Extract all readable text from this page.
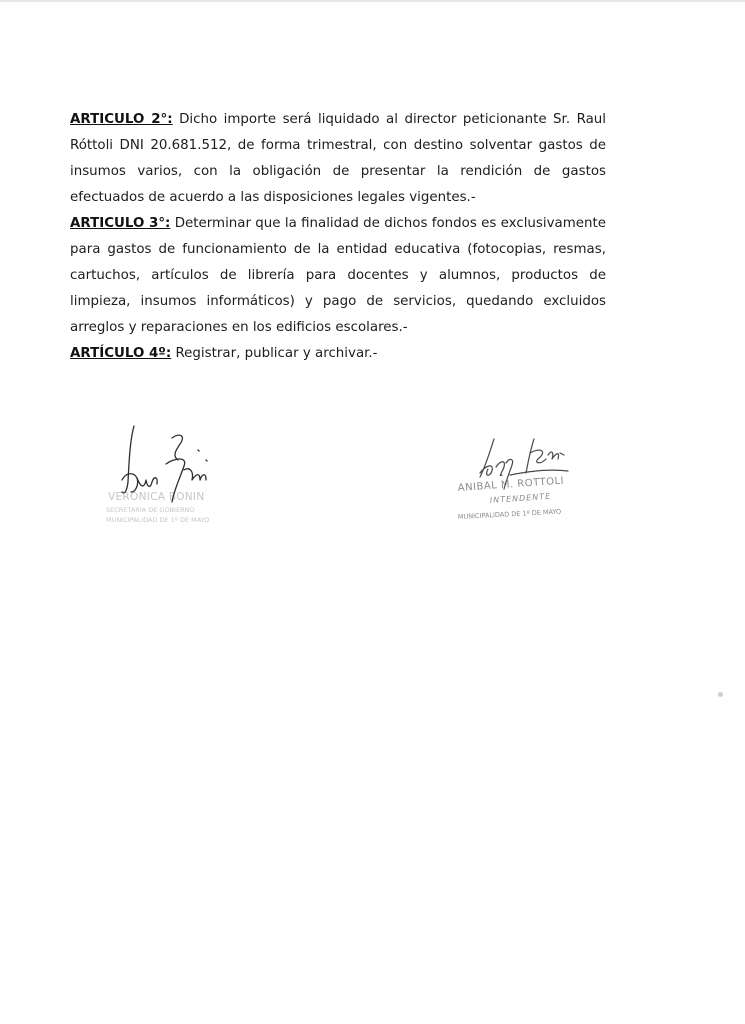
ARTICULO 2°: Dicho importe será liquidado al director peticionante Sr. Raul Róttoli DNI 20.681.512, de forma trimestral, con destino solventar gastos de insumos varios, con la obligación de presentar la rendición de gastos efectuados de acuerdo a las disposiciones legales vigentes.-

ARTICULO 3°: Determinar que la finalidad de dichos fondos es exclusivamente para gastos de funcionamiento de la entidad educativa (fotocopias, resmas, cartuchos, artículos de librería para docentes y alumnos, productos de limpieza, insumos informáticos) y pago de servicios, quedando excluidos arreglos y reparaciones en los edificios escolares.-

ARTÍCULO 4º: Registrar, publicar y archivar.-

VERONICA BONIN
SECRETARIA DE GOBIERNO
MUNICIPALIDAD DE 1º DE MAYO
ANIBAL M. ROTTOLI
INTENDENTE
MUNICIPALIDAD DE 1º DE MAYO
